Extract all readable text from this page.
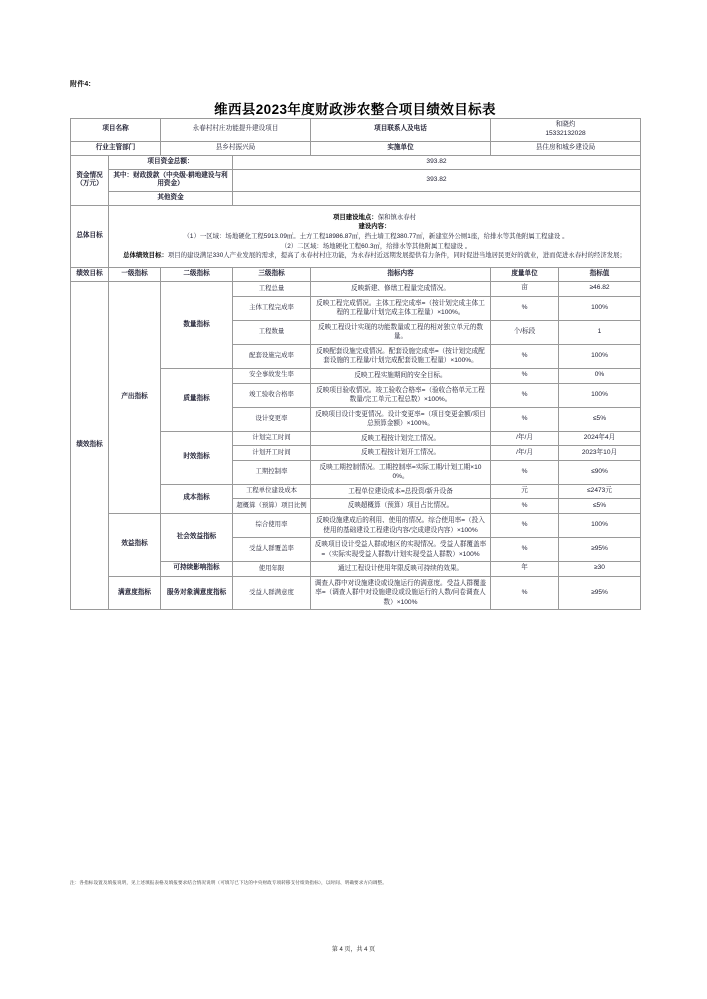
附件4:
维西县2023年度财政涉农整合项目绩效目标表
项目名称		永春村村庄功能提升建设项目		项目联系人及电话	和晓灼
15332132028	
行业主管部门		县乡村振兴局		实施单位	县住房和城乡建设局	
资金情况（万元）	项目资金总额：		393.82			
	其中：财政拨款（中央级-耕地建设与利用资金）		393.82			
	其他资金					
总体目标	项目建设地点：保和镇永春村
建设内容：
（1）一区域：场地硬化工程5913.09㎡。土方工程18986.87㎡，挡土墙工程380.77㎡，新建室外公厕1座，给排水等其他附属工程建设 。
（2）二区域：场地硬化工程60.3㎡，给排水等其他附属工程建设 。
总体绩效目标：项目的建设满足330人产业发展的需求，提高了永春村村庄功能，为永春村近远期发展提供有力条件，同时促进当地居民更好的就业，进而促进永春村的经济发展；					

绩效目标	一级指标	二级指标	三级指标	指标内容	度量单位	指标值
绩效指标	产出指标	数量指标	工程总量	反映新建、修缮工程量完成情况。	亩	≥46.82
			主体工程完成率	反映工程完成情况。主体工程完成率=（按计划完成主体工程的工程量/计划完成主体工程量）×100%。	%	100%
			工程数量	反映工程设计实现的功能数量或工程的相对独立单元的数量。	个/标段	1
			配套设施完成率	反映配套设施完成情况。配套设施完成率=（按计划完成配套设施的工程量/计划完成配套设施工程量）×100%。	%	100%
		质量指标	安全事故发生率	反映工程实施期间的安全目标。	%	0%
			竣工验收合格率	反映项目验收情况。竣工验收合格率=（验收合格单元工程数量/完工单元工程总数）×100%。	%	100%
			设计变更率	反映项目设计变更情况。设计变更率=（项目变更金额/项目总预算金额）×100%。	%	≤5%
		时效指标	计划完工时间	反映工程按计划完工情况。	/年/月	2024年4月
			计划开工时间	反映工程按计划开工情况。	/年/月	2023年10月
			工期控制率	反映工期控制情况。工期控制率=实际工期/计划工期×100%。	%	≤90%
		成本指标	工程单位建设成本	工程单位建设成本=总投资/新升设备	元	≤2473元
			超概算（预算）项目比例	反映超概算（预算）项目占比情况。	%	≤5%
	效益指标	社会效益指标	综合使用率	反映设施建成后的利用、使用的情况。综合使用率=（投入使用的基础建设工程建设内容/完成建设内容）×100%	%	100%
			受益人群覆盖率	反映项目设计受益人群或地区的实现情况。受益人群覆盖率=（实际实现受益人群数/计划实现受益人群数）×100%	%	≥95%
		可持续影响指标	使用年限	通过工程设计使用年限反映可持续的效果。	年	≥30
	满意度指标	服务对象满意度指标	受益人群满意度	调查人群中对设施建设或设施运行的满意度。受益人群覆盖率=（调查人群中对设施建设或设施运行的人数/问卷调查人数）×100%	%	≥95%
注：各指标设置及填报说明，见上述填报表格及填报要求结合情况说明（可填写已下达的中央财政专项转移支付绩效指标），以时间、明确要求方向调整。
第 4 页，共 4 页
